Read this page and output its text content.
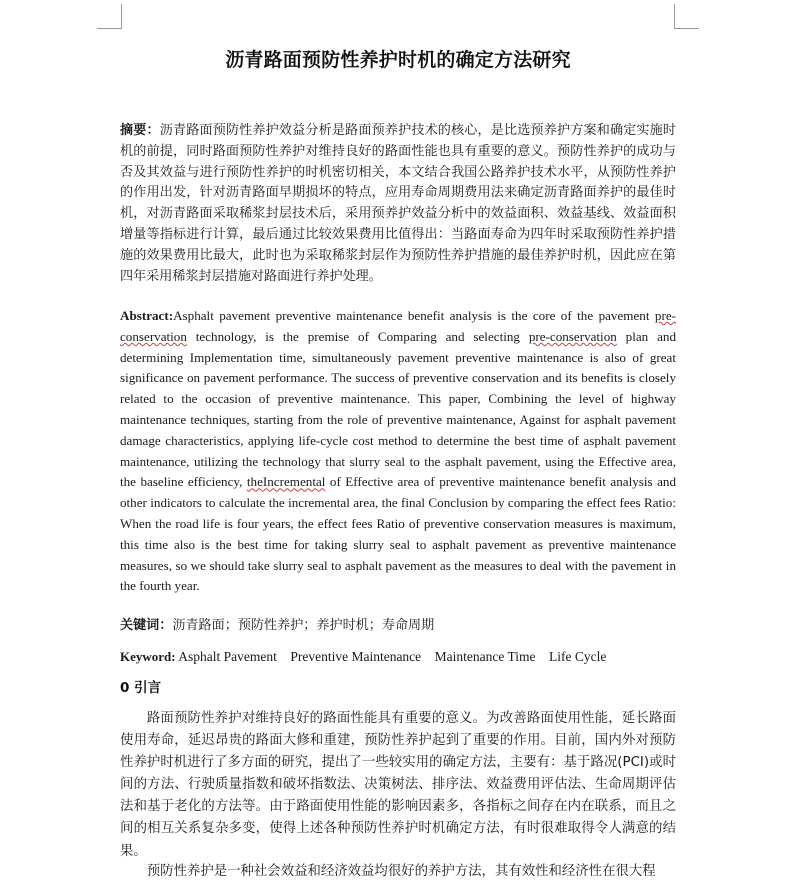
沥青路面预防性养护时机的确定方法研究
摘要：沥青路面预防性养护效益分析是路面预养护技术的核心，是比选预养护方案和确定实施时机的前提，同时路面预防性养护对维持良好的路面性能也具有重要的意义。预防性养护的成功与否及其效益与进行预防性养护的时机密切相关，本文结合我国公路养护技术水平，从预防性养护的作用出发，针对沥青路面早期损坏的特点，应用寿命周期费用法来确定沥青路面养护的最佳时机，对沥青路面采取稀浆封层技术后，采用预养护效益分析中的效益面积、效益基线、效益面积增量等指标进行计算，最后通过比较效果费用比值得出：当路面寿命为四年时采取预防性养护措施的效果费用比最大，此时也为采取稀浆封层作为预防性养护措施的最佳养护时机，因此应在第四年采用稀浆封层措施对路面进行养护处理。
Abstract:Asphalt pavement preventive maintenance benefit analysis is the core of the pavement pre-conservation technology, is the premise of Comparing and selecting pre-conservation plan and determining Implementation time, simultaneously pavement preventive maintenance is also of great significance on pavement performance. The success of preventive conservation and its benefits is closely related to the occasion of preventive maintenance. This paper, Combining the level of highway maintenance techniques, starting from the role of preventive maintenance, Against for asphalt pavement damage characteristics, applying life-cycle cost method to determine the best time of asphalt pavement maintenance, utilizing the technology that slurry seal to the asphalt pavement, using the Effective area, the baseline efficiency, theIncremental of Effective area of preventive maintenance benefit analysis and other indicators to calculate the incremental area, the final Conclusion by comparing the effect fees Ratio: When the road life is four years, the effect fees Ratio of preventive conservation measures is maximum, this time also is the best time for taking slurry seal to asphalt pavement as preventive maintenance measures, so we should take slurry seal to asphalt pavement as the measures to deal with the pavement in the fourth year.
关键词：沥青路面；预防性养护；养护时机；寿命周期
Keyword: Asphalt Pavement    Preventive Maintenance    Maintenance Time    Life Cycle
0 引言
路面预防性养护对维持良好的路面性能具有重要的意义。为改善路面使用性能，延长路面使用寿命，延迟昂贵的路面大修和重建，预防性养护起到了重要的作用。目前，国内外对预防性养护时机进行了多方面的研究，提出了一些较实用的确定方法，主要有：基于路况(PCI)或时间的方法、行驶质量指数和破坏指数法、决策树法、排序法、效益费用评估法、生命周期评估法和基于老化的方法等。由于路面使用性能的影响因素多，各指标之间存在内在联系，而且之间的相互关系复杂多变，使得上述各种预防性养护时机确定方法，有时很难取得令人满意的结果。
预防性养护是一种社会效益和经济效益均很好的养护方法，其有效性和经济性在很大程
